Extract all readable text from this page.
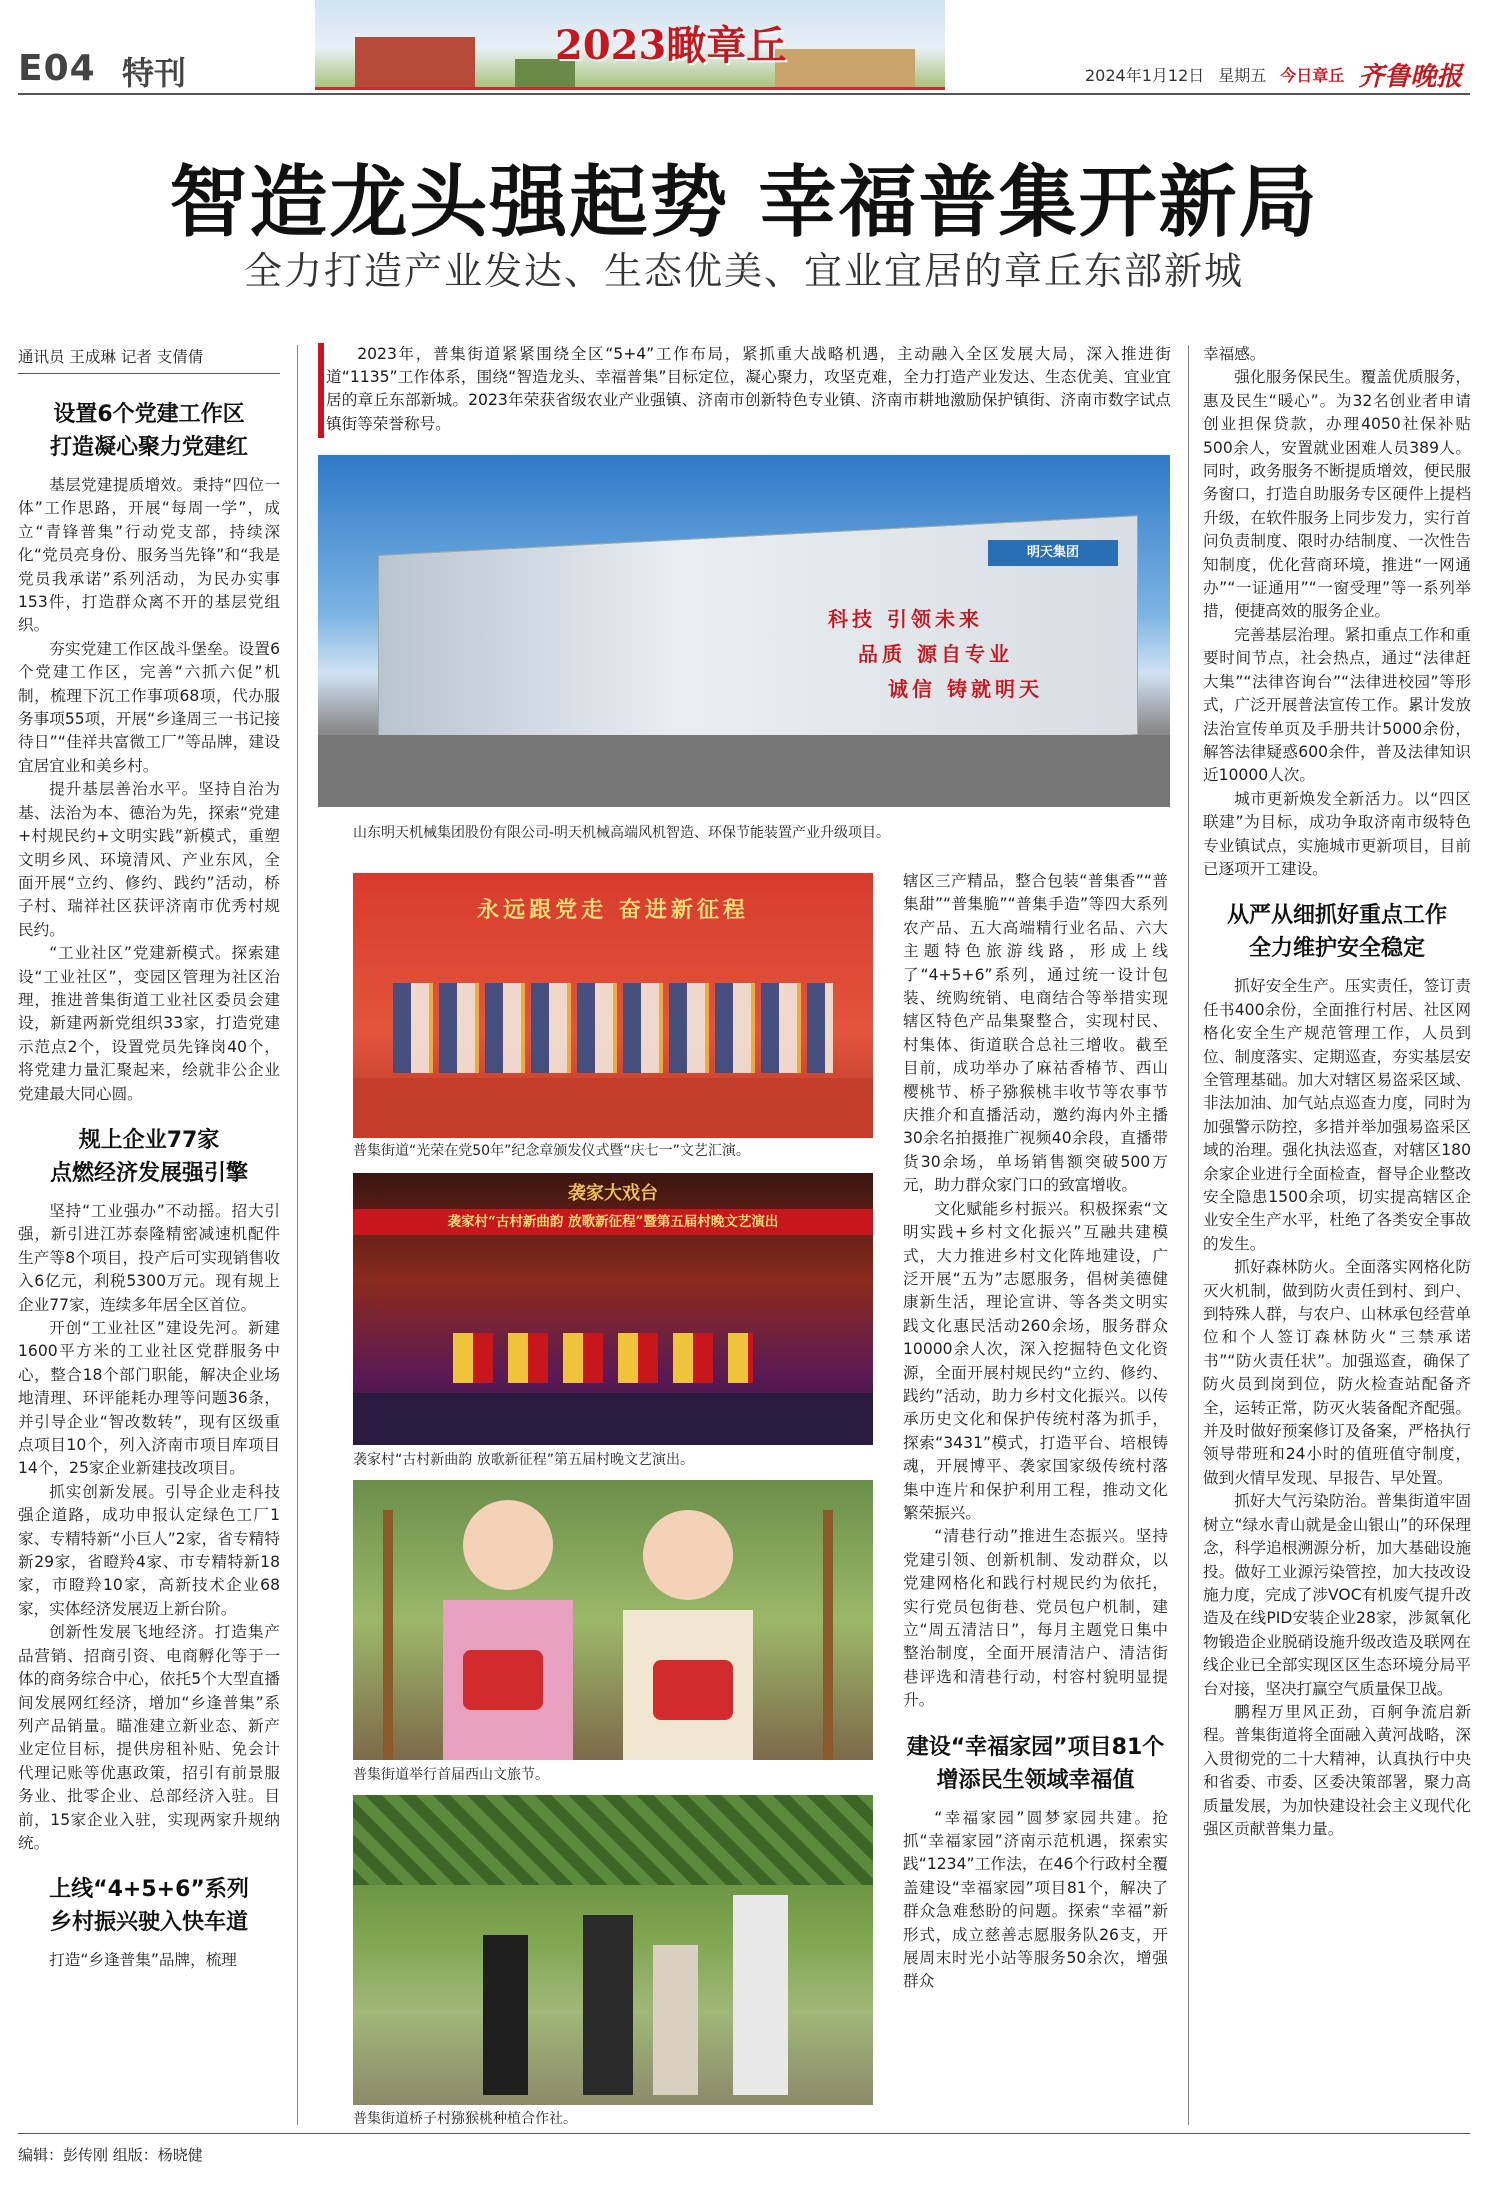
E04 特刊
2023瞰章丘
2024年1月12日 星期五 今日章丘 齐鲁晚报
智造龙头强起势 幸福普集开新局
全力打造产业发达、生态优美、宜业宜居的章丘东部新城
通讯员 王成琳 记者 支倩倩
设置6个党建工作区
打造凝心聚力党建红

基层党建提质增效。秉持“四位一体”工作思路，开展“每周一学”，成立“青锋普集”行动党支部，持续深化“党员亮身份、服务当先锋”和“我是党员我承诺”系列活动，为民办实事153件，打造群众离不开的基层党组织。

夯实党建工作区战斗堡垒。设置6个党建工作区，完善“六抓六促”机制，梳理下沉工作事项68项，代办服务事项55项，开展“乡逢周三一书记接待日”“佳祥共富微工厂”等品牌，建设宜居宜业和美乡村。

提升基层善治水平。坚持自治为基、法治为本、德治为先，探索“党建+村规民约+文明实践”新模式，重塑文明乡风、环境清风、产业东风，全面开展“立约、修约、践约”活动，桥子村、瑞祥社区获评济南市优秀村规民约。

“工业社区”党建新模式。探索建设“工业社区”，变园区管理为社区治理，推进普集街道工业社区委员会建设，新建两新党组织33家，打造党建示范点2个，设置党员先锋岗40个，将党建力量汇聚起来，绘就非公企业党建最大同心圆。

规上企业77家
点燃经济发展强引擎

坚持“工业强办”不动摇。招大引强，新引进江苏泰隆精密减速机配件生产等8个项目，投产后可实现销售收入6亿元，利税5300万元。现有规上企业77家，连续多年居全区首位。

开创“工业社区”建设先河。新建1600平方米的工业社区党群服务中心，整合18个部门职能，解决企业场地清理、环评能耗办理等问题36条，并引导企业“智改数转”，现有区级重点项目10个，列入济南市项目库项目14个，25家企业新建技改项目。

抓实创新发展。引导企业走科技强企道路，成功申报认定绿色工厂1家、专精特新“小巨人”2家，省专精特新29家，省瞪羚4家、市专精特新18家，市瞪羚10家，高新技术企业68家，实体经济发展迈上新台阶。

创新性发展飞地经济。打造集产品营销、招商引资、电商孵化等于一体的商务综合中心，依托5个大型直播间发展网红经济，增加“乡逢普集”系列产品销量。瞄准建立新业态、新产业定位目标，提供房租补贴、免会计代理记账等优惠政策，招引有前景服务业、批零企业、总部经济入驻。目前，15家企业入驻，实现两家升规纳统。

上线“4+5+6”系列
乡村振兴驶入快车道

打造“乡逢普集”品牌，梳理

2023年，普集街道紧紧围绕全区“5+4”工作布局，紧抓重大战略机遇，主动融入全区发展大局，深入推进街道“1135”工作体系，围绕“智造龙头、幸福普集”目标定位，凝心聚力，攻坚克难，全力打造产业发达、生态优美、宜业宜居的章丘东部新城。2023年荣获省级农业产业强镇、济南市创新特色专业镇、济南市耕地激励保护镇街、济南市数字试点镇街等荣誉称号。
明天集团
科技 引领未来
品质 源自专业
诚信 铸就明天
山东明天机械集团股份有限公司-明天机械高端风机智造、环保节能装置产业升级项目。
永远跟党走 奋进新征程
普集街道“光荣在党50年”纪念章颁发仪式暨“庆七一”文艺汇演。
袭家大戏台
袭家村“古村新曲韵 放歌新征程”暨第五届村晚文艺演出
袭家村“古村新曲韵 放歌新征程”第五届村晚文艺演出。
普集街道举行首届西山文旅节。
普集街道桥子村猕猴桃种植合作社。

辖区三产精品，整合包装“普集香”“普集甜”“普集脆”“普集手造”等四大系列农产品、五大高端精行业名品、六大主题特色旅游线路，形成上线了“4+5+6”系列，通过统一设计包装、统购统销、电商结合等举措实现辖区特色产品集聚整合，实现村民、村集体、街道联合总社三增收。截至目前，成功举办了麻祜香椿节、西山樱桃节、桥子猕猴桃丰收节等农事节庆推介和直播活动，邀约海内外主播30余名拍摄推广视频40余段，直播带货30余场，单场销售额突破500万元，助力群众家门口的致富增收。

文化赋能乡村振兴。积极探索“文明实践+乡村文化振兴”互融共建模式，大力推进乡村文化阵地建设，广泛开展“五为”志愿服务，倡树美德健康新生活，理论宣讲、等各类文明实践文化惠民活动260余场，服务群众10000余人次，深入挖掘特色文化资源，全面开展村规民约“立约、修约、践约”活动，助力乡村文化振兴。以传承历史文化和保护传统村落为抓手，探索“3431”模式，打造平台、培根铸魂，开展博平、袭家国家级传统村落集中连片和保护利用工程，推动文化繁荣振兴。

“清巷行动”推进生态振兴。坚持党建引领、创新机制、发动群众，以党建网格化和践行村规民约为依托，实行党员包街巷、党员包户机制，建立“周五清洁日”，每月主题党日集中整治制度，全面开展清洁户、清洁街巷评选和清巷行动，村容村貌明显提升。

建设“幸福家园”项目81个
增添民生领域幸福值

“幸福家园”圆梦家园共建。抢抓“幸福家园”济南示范机遇，探索实践“1234”工作法，在46个行政村全覆盖建设“幸福家园”项目81个，解决了群众急难愁盼的问题。探索“幸福”新形式，成立慈善志愿服务队26支，开展周末时光小站等服务50余次，增强群众

幸福感。

强化服务保民生。覆盖优质服务，惠及民生“暖心”。为32名创业者申请创业担保贷款，办理4050社保补贴500余人，安置就业困难人员389人。同时，政务服务不断提质增效，便民服务窗口，打造自助服务专区硬件上提档升级，在软件服务上同步发力，实行首问负责制度、限时办结制度、一次性告知制度，优化营商环境，推进“一网通办”“一证通用”“一窗受理”等一系列举措，便捷高效的服务企业。

完善基层治理。紧扣重点工作和重要时间节点，社会热点，通过“法律赶大集”“法律咨询台”“法律进校园”等形式，广泛开展普法宣传工作。累计发放法治宣传单页及手册共计5000余份，解答法律疑惑600余件，普及法律知识近10000人次。

城市更新焕发全新活力。以“四区联建”为目标，成功争取济南市级特色专业镇试点，实施城市更新项目，目前已逐项开工建设。

从严从细抓好重点工作
全力维护安全稳定

抓好安全生产。压实责任，签订责任书400余份，全面推行村居、社区网格化安全生产规范管理工作，人员到位、制度落实、定期巡查，夯实基层安全管理基础。加大对辖区易盗采区域、非法加油、加气站点巡查力度，同时为加强警示防控，多措并举加强易盗采区域的治理。强化执法巡查，对辖区180余家企业进行全面检查，督导企业整改安全隐患1500余项，切实提高辖区企业安全生产水平，杜绝了各类安全事故的发生。

抓好森林防火。全面落实网格化防灭火机制，做到防火责任到村、到户、到特殊人群，与农户、山林承包经营单位和个人签订森林防火“三禁承诺书”“防火责任状”。加强巡查，确保了防火员到岗到位，防火检查站配备齐全，运转正常，防灭火装备配齐配强。并及时做好预案修订及备案，严格执行领导带班和24小时的值班值守制度，做到火情早发现、早报告、早处置。

抓好大气污染防治。普集街道牢固树立“绿水青山就是金山银山”的环保理念，科学追根溯源分析，加大基础设施投。做好工业源污染管控，加大技改设施力度，完成了涉VOC有机废气提升改造及在线PID安装企业28家，涉氮氧化物锻造企业脱硝设施升级改造及联网在线企业已全部实现区区生态环境分局平台对接，坚决打赢空气质量保卫战。

鹏程万里风正劲，百舸争流启新程。普集街道将全面融入黄河战略，深入贯彻党的二十大精神，认真执行中央和省委、市委、区委决策部署，聚力高质量发展，为加快建设社会主义现代化强区贡献普集力量。

编辑：彭传刚 组版：杨晓健
